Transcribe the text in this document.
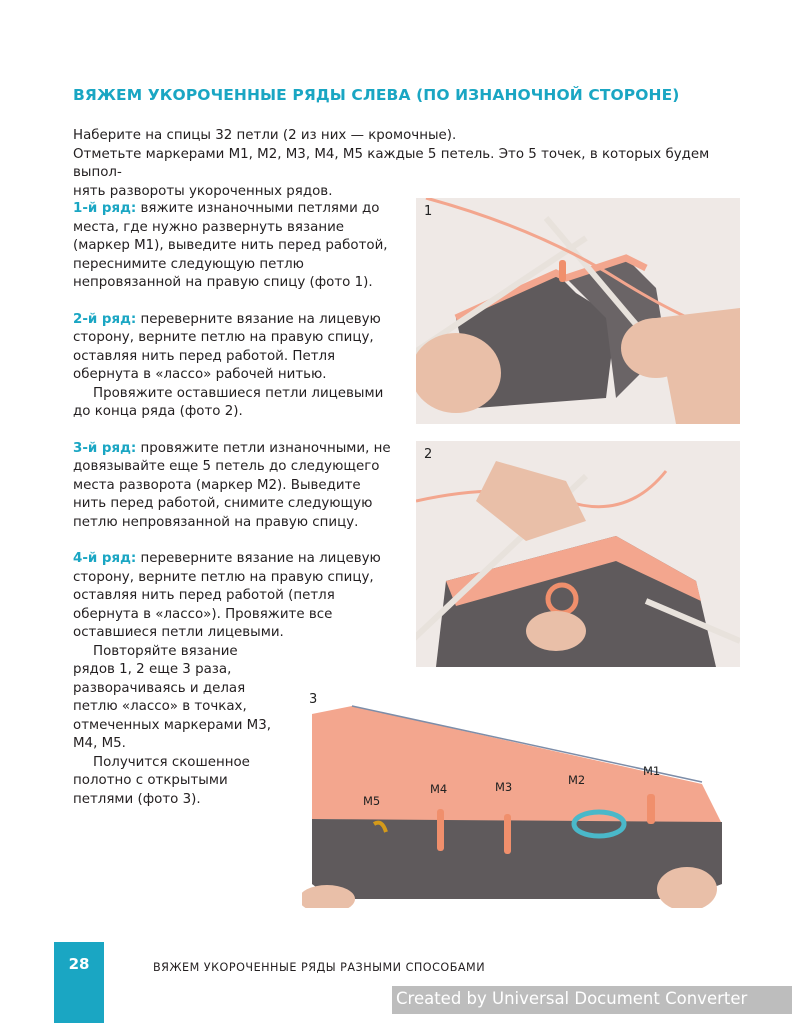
ВЯЖЕМ УКОРОЧЕННЫЕ РЯДЫ СЛЕВА (ПО ИЗНАНОЧНОЙ СТОРОНЕ)

Наберите на спицы 32 петли (2 из них — кромочные).

Отметьте маркерами М1, М2, М3, М4, М5 каждые 5 петель. Это 5 точек, в которых будем выпол-

нять развороты укороченных рядов.

1-й ряд: вяжите изнаночными петлями до места, где нужно развернуть вязание (маркер М1), выведите нить перед работой, переснимите следующую петлю непровязанной на правую спицу (фото 1).

2-й ряд: переверните вязание на лицевую сторону, верните петлю на правую спицу, оставляя нить перед работой. Петля обернута в «лассо» рабочей нитью.

Провяжите оставшиеся петли лицевыми до конца ряда (фото 2).

3-й ряд: провяжите петли изнаночными, не довязывайте еще 5 петель до следующего места разворота (маркер М2). Выведите нить перед работой, снимите следующую петлю непровязанной на правую спицу.

4-й ряд: переверните вязание на лицевую сторону, верните петлю на правую спицу, оставляя нить перед работой (петля обернута в «лассо»). Провяжите все оставшиеся петли лицевыми.

Повторяйте вязание рядов 1, 2 еще 3 раза, разворачиваясь и делая петлю «лассо» в точках, отмеченных маркерами М3, М4, М5.

Получится скошенное полотно с открытыми петлями (фото 3).

1
2
3
M1
M2
M3
M4
M5
28	ВЯЖЕМ УКОРОЧЕННЫЕ РЯДЫ РАЗНЫМИ СПОСОБАМИ
Created by Universal Document Converter
